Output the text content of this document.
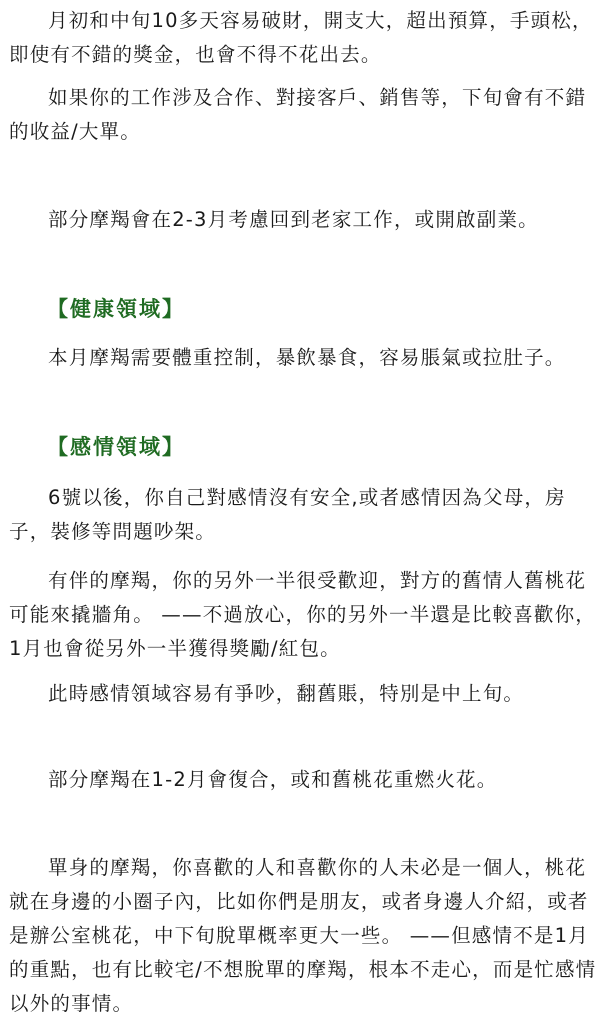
月初和中旬10多天容易破財，開支大，超出預算，手頭松，
即使有不錯的獎金，也會不得不花出去。
如果你的工作涉及合作、對接客戶、銷售等，下旬會有不錯
的收益/大單。
部分摩羯會在2-3月考慮回到老家工作，或開啟副業。
【健康領域】
本月摩羯需要體重控制，暴飲暴食，容易脹氣或拉肚子。
【感情領域】
6號以後，你自己對感情沒有安全,或者感情因為父母，房
子，裝修等問題吵架。
有伴的摩羯，你的另外一半很受歡迎，對方的舊情人舊桃花
可能來撬牆角。 ——不過放心，你的另外一半還是比較喜歡你，
1月也會從另外一半獲得獎勵/紅包。
此時感情領域容易有爭吵，翻舊賬，特別是中上旬。
部分摩羯在1-2月會復合，或和舊桃花重燃火花。
單身的摩羯，你喜歡的人和喜歡你的人未必是一個人，桃花
就在身邊的小圈子內，比如你們是朋友，或者身邊人介紹，或者
是辦公室桃花，中下旬脫單概率更大一些。 ——但感情不是1月
的重點，也有比較宅/不想脫單的摩羯，根本不走心，而是忙感情
以外的事情。
